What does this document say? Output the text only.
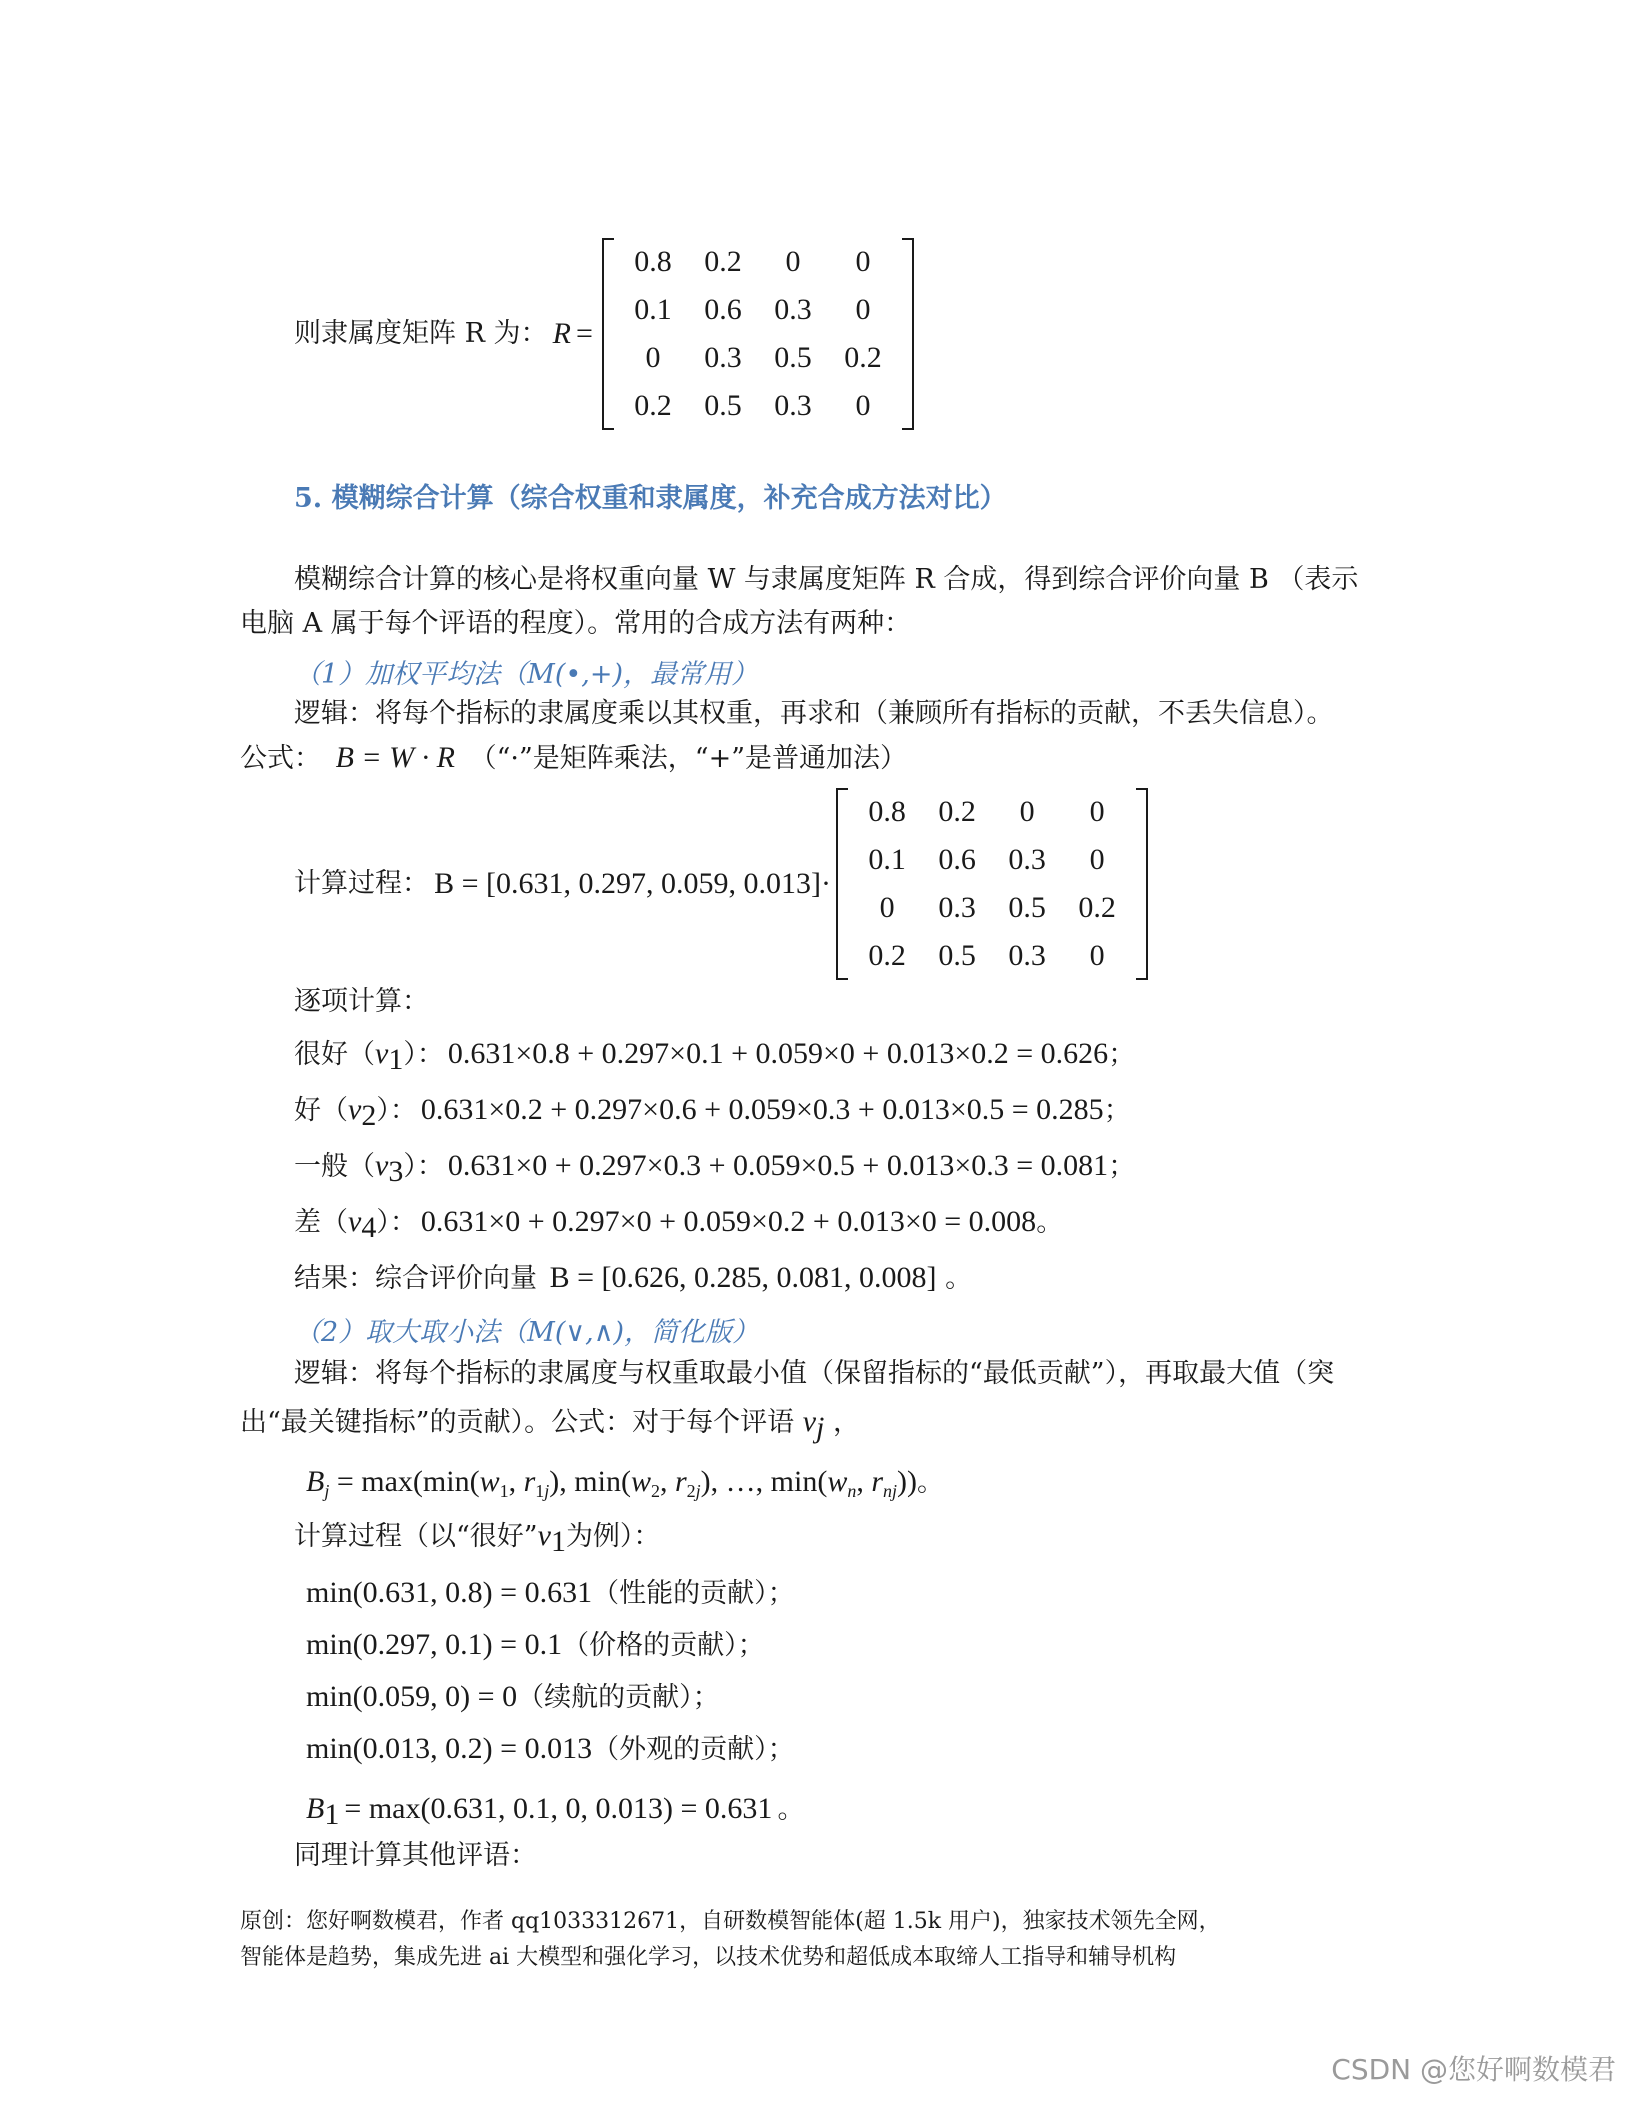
则隶属度矩阵 R 为： R =
0.8	0.2	0	0
0.1	0.6	0.3	0
0	0.3	0.5	0.2
0.2	0.5	0.3	0
5. 模糊综合计算（综合权重和隶属度，补充合成方法对比）
模糊综合计算的核心是将权重向量 W 与隶属度矩阵 R 合成，得到综合评价向量 B （表示
电脑 A 属于每个评语的程度）。常用的合成方法有两种：
（1）加权平均法（M(•,+)，最常用）
逻辑：将每个指标的隶属度乘以其权重，再求和（兼顾所有指标的贡献，不丢失信息）。
公式： B = W · R （“·”是矩阵乘法，“+”是普通加法）
计算过程： B = [0.631, 0.297, 0.059, 0.013]·
0.8	0.2	0	0
0.1	0.6	0.3	0
0	0.3	0.5	0.2
0.2	0.5	0.3	0
逐项计算：
很好$(v_1)$： 0.631×0.8 + 0.297×0.1 + 0.059×0 + 0.013×0.2 = 0.626；
好$(v_2)$： 0.631×0.2 + 0.297×0.6 + 0.059×0.3 + 0.013×0.5 = 0.285；
一般$(v_3)$： 0.631×0 + 0.297×0.3 + 0.059×0.5 + 0.013×0.3 = 0.081；
差$(v_4)$： 0.631×0 + 0.297×0 + 0.059×0.2 + 0.013×0 = 0.008。
结果：综合评价向量 B = [0.626, 0.285, 0.081, 0.008] 。
（2）取大取小法（M(∨,∧)，简化版）
逻辑：将每个指标的隶属度与权重取最小值（保留指标的“最低贡献”），再取最大值（突
出“最关键指标”的贡献）。公式：对于每个评语 $v_j$ ，
$B_j = \max(\min(w_1$, $r_{1j}$), $\min(w_2$, $r_{2j}$), …, $\min(w_n$, $r_{nj}$))。
计算过程（以“很好$”v_1$为例）：
min(0.631, 0.8) = 0.631（性能的贡献）；
min(0.297, 0.1) = 0.1（价格的贡献）；
min(0.059, 0) = 0（续航的贡献）；
min(0.013, 0.2) = 0.013（外观的贡献）；
$B_1 = \max(0.631$, 0.1, 0, 0.013) = 0.631 。
同理计算其他评语：
原创：您好啊数模君，作者 qq1033312671，自研数模智能体(超 1.5k 用户)，独家技术领先全网，
智能体是趋势，集成先进 ai 大模型和强化学习，以技术优势和超低成本取缔人工指导和辅导机构
CSDN @您好啊数模君
